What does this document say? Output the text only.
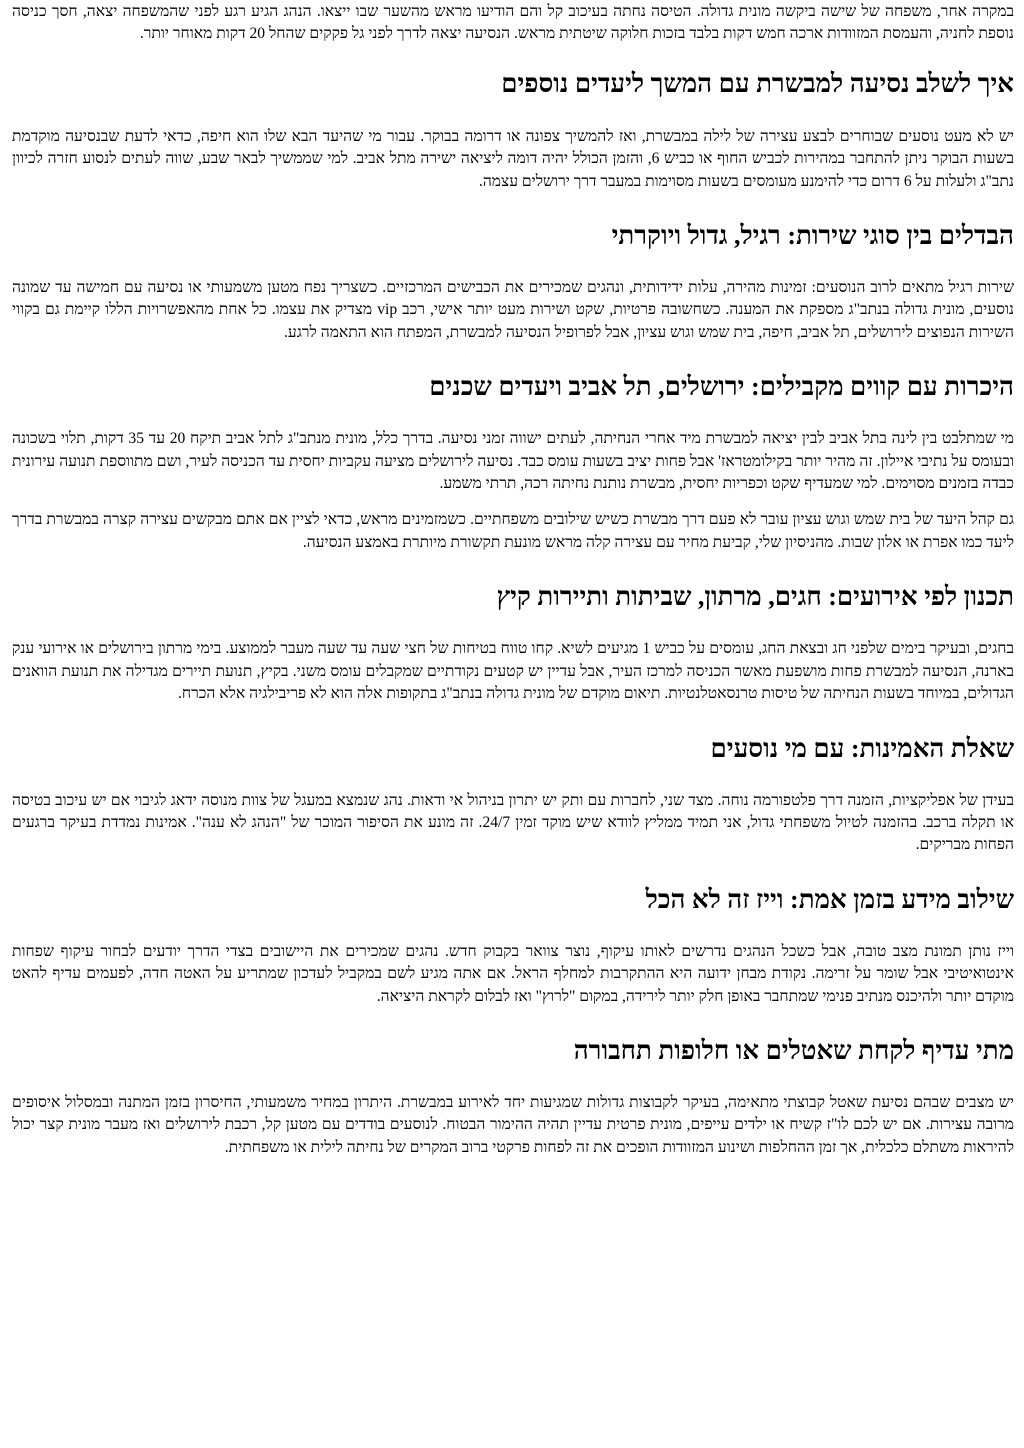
במקרה אחר, משפחה של שישה ביקשה מונית גדולה. הטיסה נחתה בעיכוב קל והם הודיעו מראש מהשער שבו ייצאו. הנהג הגיע רגע לפני שהמשפחה יצאה, חסך כניסה נוספת לחניה, והעמסת המזוודות ארכה חמש דקות בלבד בזכות חלוקה שיטתית מראש. הנסיעה יצאה לדרך לפני גל פקקים שהחל 20 דקות מאוחר יותר.

איך לשלב נסיעה למבשרת עם המשך ליעדים נוספים

יש לא מעט נוסעים שבוחרים לבצע עצירה של לילה במבשרת, ואז להמשיך צפונה או דרומה בבוקר. עבור מי שהיעד הבא שלו הוא חיפה, כדאי לדעת שבנסיעה מוקדמת בשעות הבוקר ניתן להתחבר במהירות לכביש החוף או כביש 6, והזמן הכולל יהיה דומה ליציאה ישירה מתל אביב. למי שממשיך לבאר שבע, שווה לעתים לנסוע חזרה לכיוון נתב"ג ולעלות על 6 דרום כדי להימנע מעומסים בשעות מסוימות במעבר דרך ירושלים עצמה.

הבדלים בין סוגי שירות: רגיל, גדול ויוקרתי

שירות רגיל מתאים לרוב הנוסעים: זמינות מהירה, עלות ידידותית, ונהגים שמכירים את הכבישים המרכזיים. כשצריך נפח מטען משמעותי או נסיעה עם חמישה עד שמונה נוסעים, מונית גדולה בנתב"ג מספקת את המענה. כשחשובה פרטיות, שקט ושירות מעט יותר אישי, רכב vip מצדיק את עצמו. כל אחת מהאפשרויות הללו קיימת גם בקווי השירות הנפוצים לירושלים, תל אביב, חיפה, בית שמש וגוש עציון, אבל לפרופיל הנסיעה למבשרת, המפתח הוא התאמה לרגע.

היכרות עם קווים מקבילים: ירושלים, תל אביב ויעדים שכנים

מי שמתלבט בין לינה בתל אביב לבין יציאה למבשרת מיד אחרי הנחיתה, לעתים ישווה זמני נסיעה. בדרך כלל, מונית מנתב"ג לתל אביב תיקח 20 עד 35 דקות, תלוי בשכונה ובעומס על נתיבי איילון. זה מהיר יותר בקילומטראז' אבל פחות יציב בשעות עומס כבד. נסיעה לירושלים מציעה עקביות יחסית עד הכניסה לעיר, ושם מתווספת תנועה עירונית כבדה בזמנים מסוימים. למי שמעדיף שקט וכפריות יחסית, מבשרת נותנת נחיתה רכה, תרתי משמע.

גם קהל היעד של בית שמש וגוש עציון עובר לא פעם דרך מבשרת כשיש שילובים משפחתיים. כשמזמינים מראש, כדאי לציין אם אתם מבקשים עצירה קצרה במבשרת בדרך ליעד כמו אפרת או אלון שבות. מהניסיון שלי, קביעת מחיר עם עצירה קלה מראש מונעת תקשורת מיותרת באמצע הנסיעה.

תכנון לפי אירועים: חגים, מרתון, שביתות ותיירות קיץ

בחגים, ובעיקר בימים שלפני חג ובצאת החג, עומסים על כביש 1 מגיעים לשיא. קחו טווח בטיחות של חצי שעה עד שעה מעבר לממוצע. בימי מרתון בירושלים או אירועי ענק בארנה, הנסיעה למבשרת פחות מושפעת מאשר הכניסה למרכז העיר, אבל עדיין יש קטעים נקודתיים שמקבלים עומס משני. בקיץ, תנועת תיירים מגדילה את תנועת הוואנים הגדולים, במיוחד בשעות הנחיתה של טיסות טרנסאטלנטיות. תיאום מוקדם של מונית גדולה בנתב"ג בתקופות אלה הוא לא פריבילגיה אלא הכרח.

שאלת האמינות: עם מי נוסעים

בעידן של אפליקציות, הזמנה דרך פלטפורמה נוחה. מצד שני, לחברות עם ותק יש יתרון בניהול אי ודאות. נהג שנמצא במעגל של צוות מנוסה ידאג לגיבוי אם יש עיכוב בטיסה או תקלה ברכב. בהזמנה לטיול משפחתי גדול, אני תמיד ממליץ לוודא שיש מוקד זמין 24/7. זה מונע את הסיפור המוכר של "הנהג לא ענה". אמינות נמדדת בעיקר ברגעים הפחות מבריקים.

שילוב מידע בזמן אמת: וייז זה לא הכל

וייז נותן תמונת מצב טובה, אבל כשכל הנהגים נדרשים לאותו עיקוף, נוצר צוואר בקבוק חדש. נהגים שמכירים את היישובים בצדי הדרך יודעים לבחור עיקוף שפחות אינטואיטיבי אבל שומר על זרימה. נקודת מבחן ידועה היא ההתקרבות למחלף הראל. אם אתה מגיע לשם במקביל לעדכון שמתריע על האטה חדה, לפעמים עדיף להאט מוקדם יותר ולהיכנס מנתיב פנימי שמתחבר באופן חלק יותר לירידה, במקום "לרוץ" ואז לבלום לקראת היציאה.

מתי עדיף לקחת שאטלים או חלופות תחבורה

יש מצבים שבהם נסיעת שאטל קבוצתי מתאימה, בעיקר לקבוצות גדולות שמגיעות יחד לאירוע במבשרת. היתרון במחיר משמעותי, החיסרון בזמן המתנה ובמסלול איסופים מרובה עצירות. אם יש לכם לו"ז קשיח או ילדים עייפים, מונית פרטית עדיין תהיה ההימור הבטוח. לנוסעים בודדים עם מטען קל, רכבת לירושלים ואז מעבר מונית קצר יכול להיראות משתלם כלכלית, אך זמן ההחלפות ושינוע המזוודות הופכים את זה לפחות פרקטי ברוב המקרים של נחיתה לילית או משפחתית.
